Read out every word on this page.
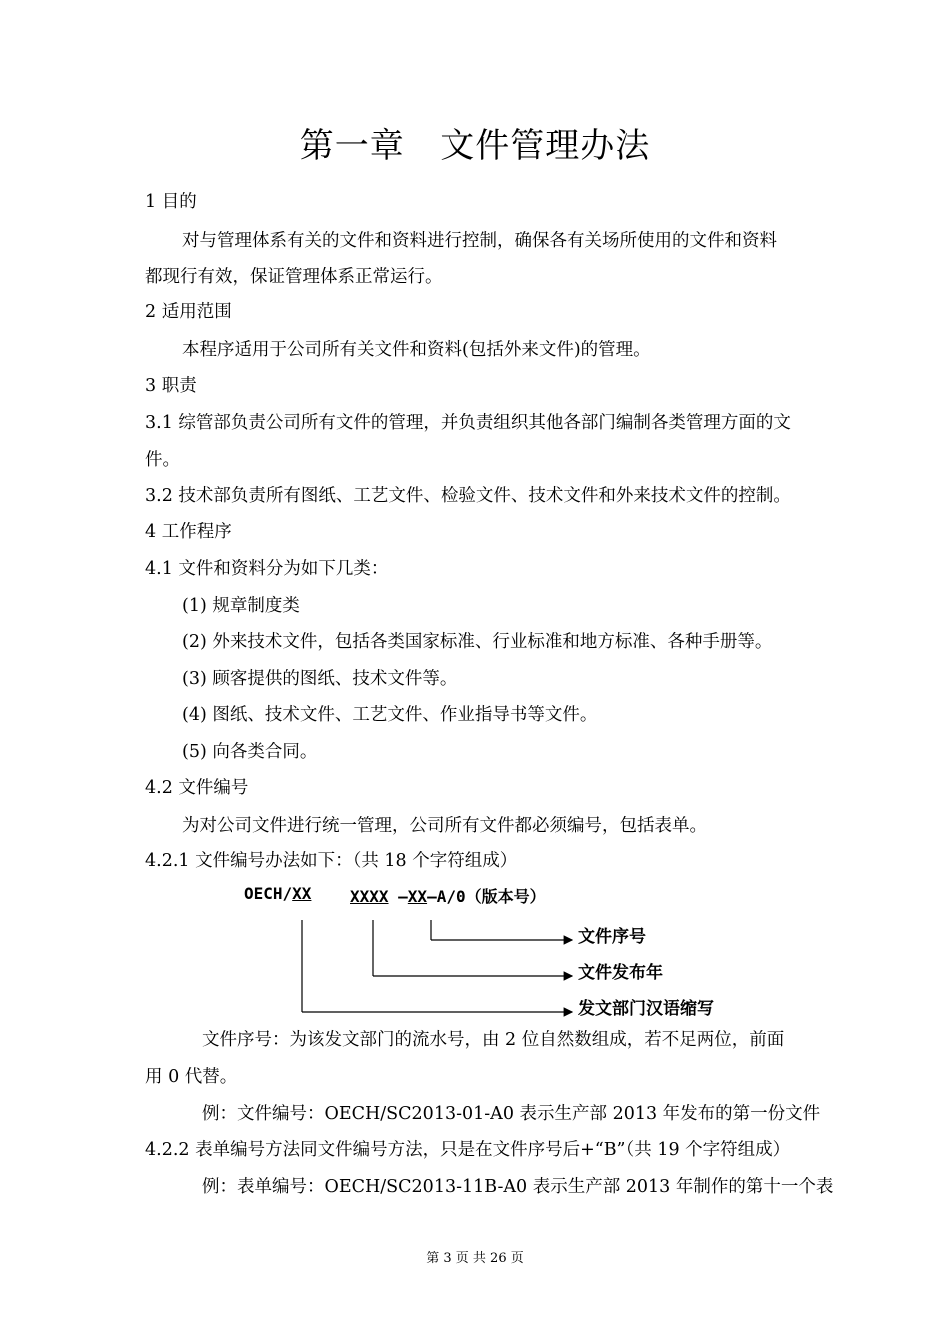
第一章   文件管理办法
1 目的
对与管理体系有关的文件和资料进行控制，确保各有关场所使用的文件和资料
都现行有效，保证管理体系正常运行。
2 适用范围
本程序适用于公司所有关文件和资料(包括外来文件)的管理。
3 职责
3.1 综管部负责公司所有文件的管理，并负责组织其他各部门编制各类管理方面的文
件。
3.2 技术部负责所有图纸、工艺文件、检验文件、技术文件和外来技术文件的控制。
4 工作程序
4.1 文件和资料分为如下几类：
(1) 规章制度类
(2) 外来技术文件，包括各类国家标准、行业标准和地方标准、各种手册等。
(3) 顾客提供的图纸、技术文件等。
(4) 图纸、技术文件、工艺文件、作业指导书等文件。
(5) 向各类合同。
4.2 文件编号
为对公司文件进行统一管理，公司所有文件都必须编号，包括表单。
4.2.1 文件编号办法如下：（共 18 个字符组成）
OECH/XX XXXX —XX—A/0（版本号）
文件序号
文件发布年
发文部门汉语缩写
文件序号：为该发文部门的流水号，由 2 位自然数组成，若不足两位，前面
用 0 代替。
例：文件编号：OECH/SC2013-01-A0 表示生产部 2013 年发布的第一份文件
4.2.2 表单编号方法同文件编号方法，只是在文件序号后+“B”（共 19 个字符组成）
例：表单编号：OECH/SC2013-11B-A0 表示生产部 2013 年制作的第十一个表
第 3 页 共 26 页
